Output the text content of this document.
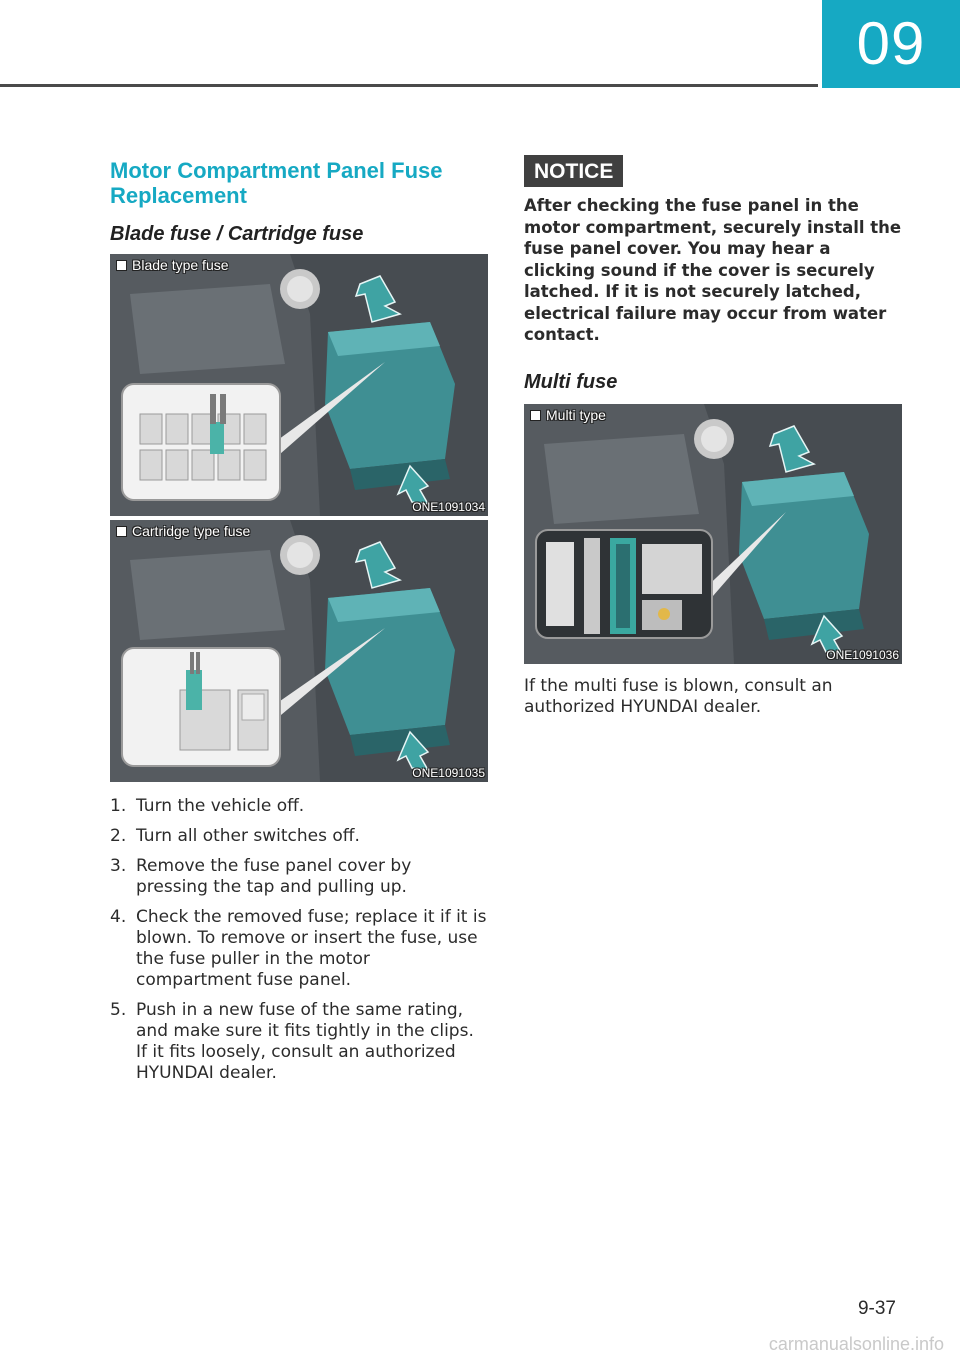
09
Motor Compartment Panel Fuse Replacement
Blade fuse / Cartridge fuse
Blade type fuse
ONE1091034
Cartridge type fuse
ONE1091035
1. Turn the vehicle off.
2. Turn all other switches off.
3. Remove the fuse panel cover by pressing the tap and pulling up.
4. Check the removed fuse; replace it if it is blown. To remove or insert the fuse, use the fuse puller in the motor compartment fuse panel.
5. Push in a new fuse of the same rating, and make sure it fits tightly in the clips. If it fits loosely, consult an authorized HYUNDAI dealer.
NOTICE

After checking the fuse panel in the motor compartment, securely install the fuse panel cover. You may hear a clicking sound if the cover is securely latched. If it is not securely latched, electrical failure may occur from water contact.

Multi fuse
Multi type
ONE1091036

If the multi fuse is blown, consult an authorized HYUNDAI dealer.

9-37
carmanualsonline.info
